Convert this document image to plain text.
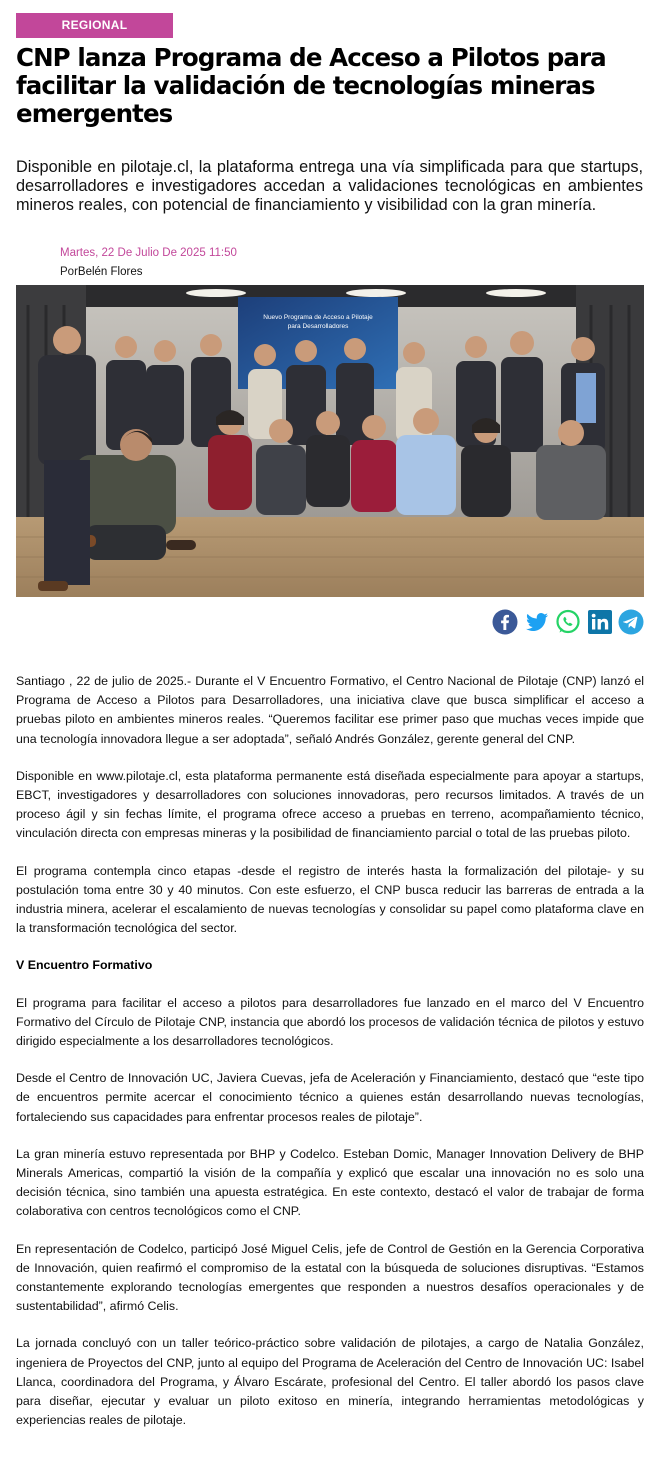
REGIONAL
CNP lanza Programa de Acceso a Pilotos para facilitar la validación de tecnologías mineras emergentes

Disponible en pilotaje.cl, la plataforma entrega una vía simplificada para que startups, desarrolladores e investigadores accedan a validaciones tecnológicas en ambientes mineros reales, con potencial de financiamiento y visibilidad con la gran minería.

Martes, 22 De Julio De 2025 11:50
PorBelén Flores
Nuevo Programa de Acceso a Pilotaje
para Desarrolladores

Santiago , 22 de julio de 2025.- Durante el V Encuentro Formativo, el Centro Nacional de Pilotaje (CNP) lanzó el Programa de Acceso a Pilotos para Desarrolladores, una iniciativa clave que busca simplificar el acceso a pruebas piloto en ambientes mineros reales. “Queremos facilitar ese primer paso que muchas veces impide que una tecnología innovadora llegue a ser adoptada”, señaló Andrés González, gerente general del CNP.

Disponible en www.pilotaje.cl, esta plataforma permanente está diseñada especialmente para apoyar a startups, EBCT, investigadores y desarrolladores con soluciones innovadoras, pero recursos limitados. A través de un proceso ágil y sin fechas límite, el programa ofrece acceso a pruebas en terreno, acompañamiento técnico, vinculación directa con empresas mineras y la posibilidad de financiamiento parcial o total de las pruebas piloto.

El programa contempla cinco etapas -desde el registro de interés hasta la formalización del pilotaje- y su postulación toma entre 30 y 40 minutos. Con este esfuerzo, el CNP busca reducir las barreras de entrada a la industria minera, acelerar el escalamiento de nuevas tecnologías y consolidar su papel como plataforma clave en la transformación tecnológica del sector.

V Encuentro Formativo

El programa para facilitar el acceso a pilotos para desarrolladores fue lanzado en el marco del V Encuentro Formativo del Círculo de Pilotaje CNP, instancia que abordó los procesos de validación técnica de pilotos y estuvo dirigido especialmente a los desarrolladores tecnológicos.

Desde el Centro de Innovación UC, Javiera Cuevas, jefa de Aceleración y Financiamiento, destacó que “este tipo de encuentros permite acercar el conocimiento técnico a quienes están desarrollando nuevas tecnologías, fortaleciendo sus capacidades para enfrentar procesos reales de pilotaje”.

La gran minería estuvo representada por BHP y Codelco. Esteban Domic, Manager Innovation Delivery de BHP Minerals Americas, compartió la visión de la compañía y explicó que escalar una innovación no es solo una decisión técnica, sino también una apuesta estratégica. En este contexto, destacó el valor de trabajar de forma colaborativa con centros tecnológicos como el CNP.

En representación de Codelco, participó José Miguel Celis, jefe de Control de Gestión en la Gerencia Corporativa de Innovación, quien reafirmó el compromiso de la estatal con la búsqueda de soluciones disruptivas. “Estamos constantemente explorando tecnologías emergentes que responden a nuestros desafíos operacionales y de sustentabilidad”, afirmó Celis.

La jornada concluyó con un taller teórico-práctico sobre validación de pilotajes, a cargo de Natalia González, ingeniera de Proyectos del CNP, junto al equipo del Programa de Aceleración del Centro de Innovación UC: Isabel Llanca, coordinadora del Programa, y Álvaro Escárate, profesional del Centro. El taller abordó los pasos clave para diseñar, ejecutar y evaluar un piloto exitoso en minería, integrando herramientas metodológicas y experiencias reales de pilotaje.
